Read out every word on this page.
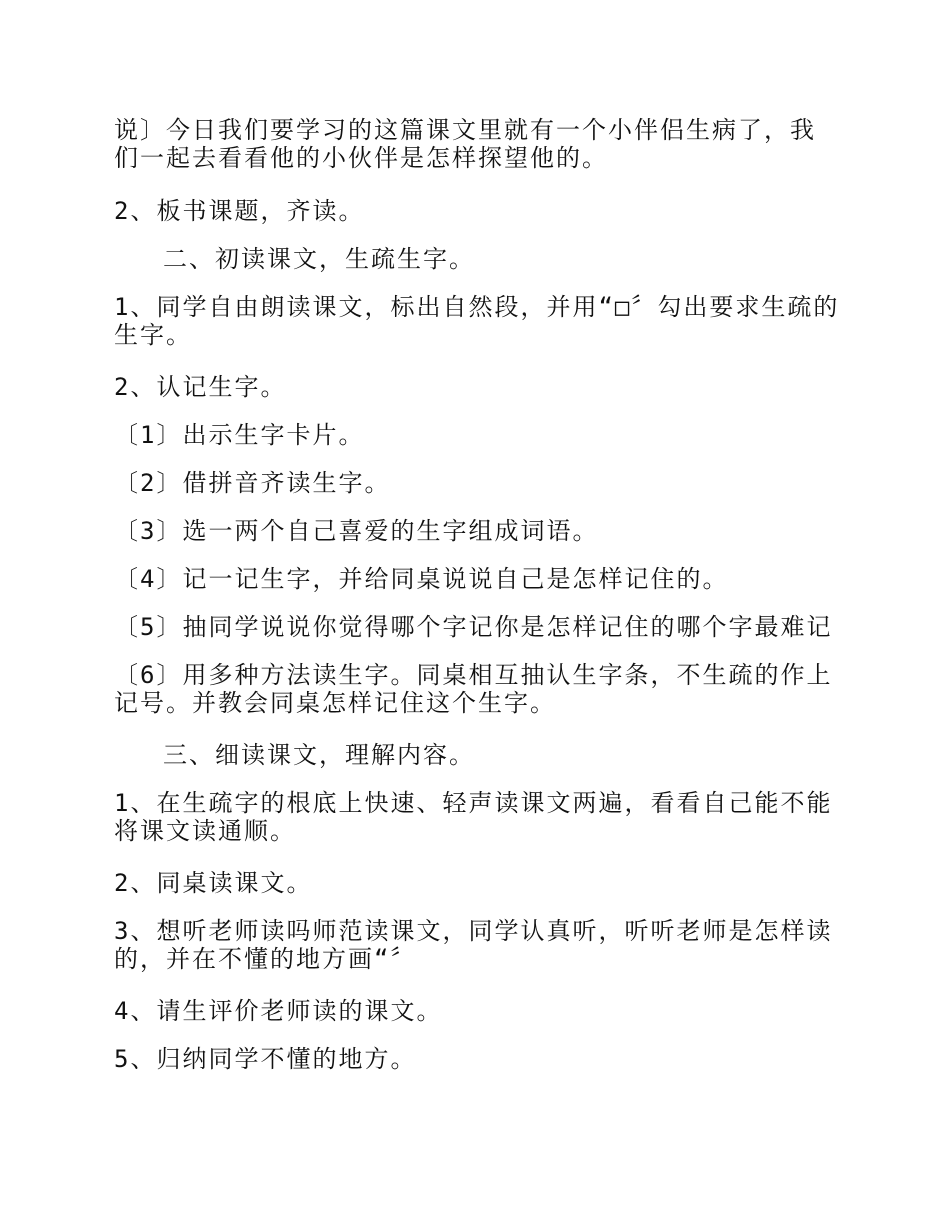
说〕今日我们要学习的这篇课文里就有一个小伴侣生病了，我们一起去看看他的小伙伴是怎样探望他的。
2、板书课题，齐读。
二、初读课文，生疏生字。
1、同学自由朗读课文，标出自然段，并用“□〞勾出要求生疏的生字。
2、认记生字。
〔1〕出示生字卡片。
〔2〕借拼音齐读生字。
〔3〕选一两个自己喜爱的生字组成词语。
〔4〕记一记生字，并给同桌说说自己是怎样记住的。
〔5〕抽同学说说你觉得哪个字记你是怎样记住的哪个字最难记
〔6〕用多种方法读生字。同桌相互抽认生字条，不生疏的作上记号。并教会同桌怎样记住这个生字。
三、细读课文，理解内容。
1、在生疏字的根底上快速、轻声读课文两遍，看看自己能不能将课文读通顺。
2、同桌读课文。
3、想听老师读吗师范读课文，同学认真听，听听老师是怎样读的，并在不懂的地方画“〞
4、请生评价老师读的课文。
5、归纳同学不懂的地方。
